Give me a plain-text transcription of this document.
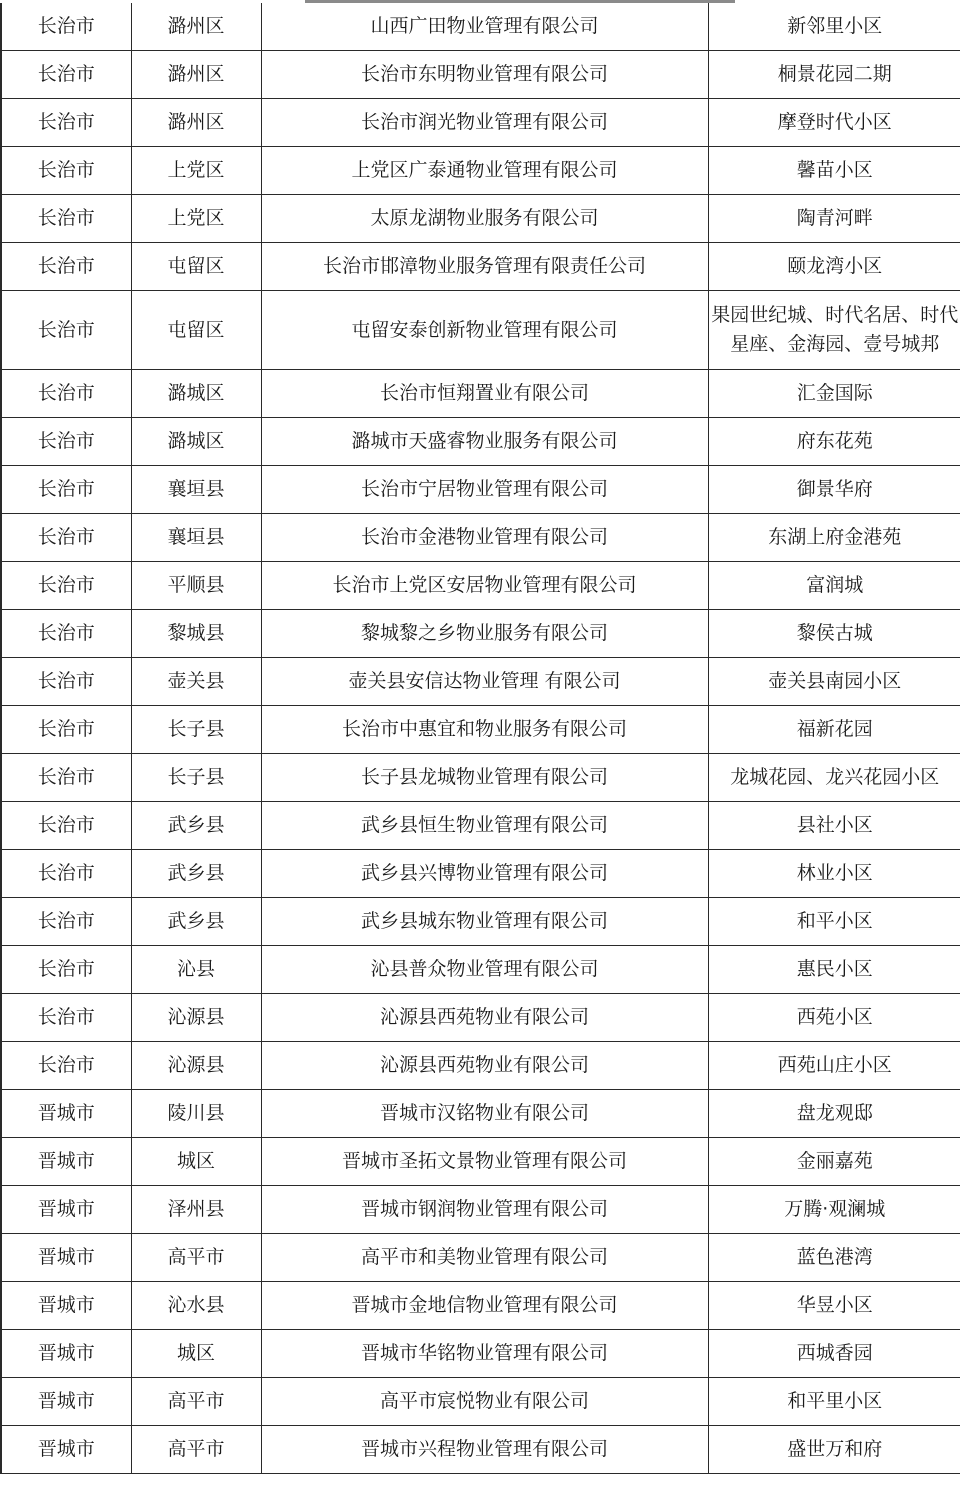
长治市	潞州区	山西广田物业管理有限公司	新邻里小区
长治市	潞州区	长治市东明物业管理有限公司	桐景花园二期
长治市	潞州区	长治市润光物业管理有限公司	摩登时代小区
长治市	上党区	上党区广泰通物业管理有限公司	馨苗小区
长治市	上党区	太原龙湖物业服务有限公司	陶青河畔
长治市	屯留区	长治市邯漳物业服务管理有限责任公司	颐龙湾小区
长治市	屯留区	屯留安泰创新物业管理有限公司	果园世纪城、时代名居、时代星座、金海园、壹号城邦
长治市	潞城区	长治市恒翔置业有限公司	汇金国际
长治市	潞城区	潞城市天盛睿物业服务有限公司	府东花苑
长治市	襄垣县	长治市宁居物业管理有限公司	御景华府
长治市	襄垣县	长治市金港物业管理有限公司	东湖上府金港苑
长治市	平顺县	长治市上党区安居物业管理有限公司	富润城
长治市	黎城县	黎城黎之乡物业服务有限公司	黎侯古城
长治市	壶关县	壶关县安信达物业管理 有限公司	壶关县南园小区
长治市	长子县	长治市中惠宜和物业服务有限公司	福新花园
长治市	长子县	长子县龙城物业管理有限公司	龙城花园、龙兴花园小区
长治市	武乡县	武乡县恒生物业管理有限公司	县社小区
长治市	武乡县	武乡县兴博物业管理有限公司	林业小区
长治市	武乡县	武乡县城东物业管理有限公司	和平小区
长治市	沁县	沁县普众物业管理有限公司	惠民小区
长治市	沁源县	沁源县西苑物业有限公司	西苑小区
长治市	沁源县	沁源县西苑物业有限公司	西苑山庄小区
晋城市	陵川县	晋城市汉铭物业有限公司	盘龙观邸
晋城市	城区	晋城市圣拓文景物业管理有限公司	金丽嘉苑
晋城市	泽州县	晋城市钢润物业管理有限公司	万腾·观澜城
晋城市	高平市	高平市和美物业管理有限公司	蓝色港湾
晋城市	沁水县	晋城市金地信物业管理有限公司	华昱小区
晋城市	城区	晋城市华铭物业管理有限公司	西城香园
晋城市	高平市	高平市宸悦物业有限公司	和平里小区
晋城市	高平市	晋城市兴程物业管理有限公司	盛世万和府
